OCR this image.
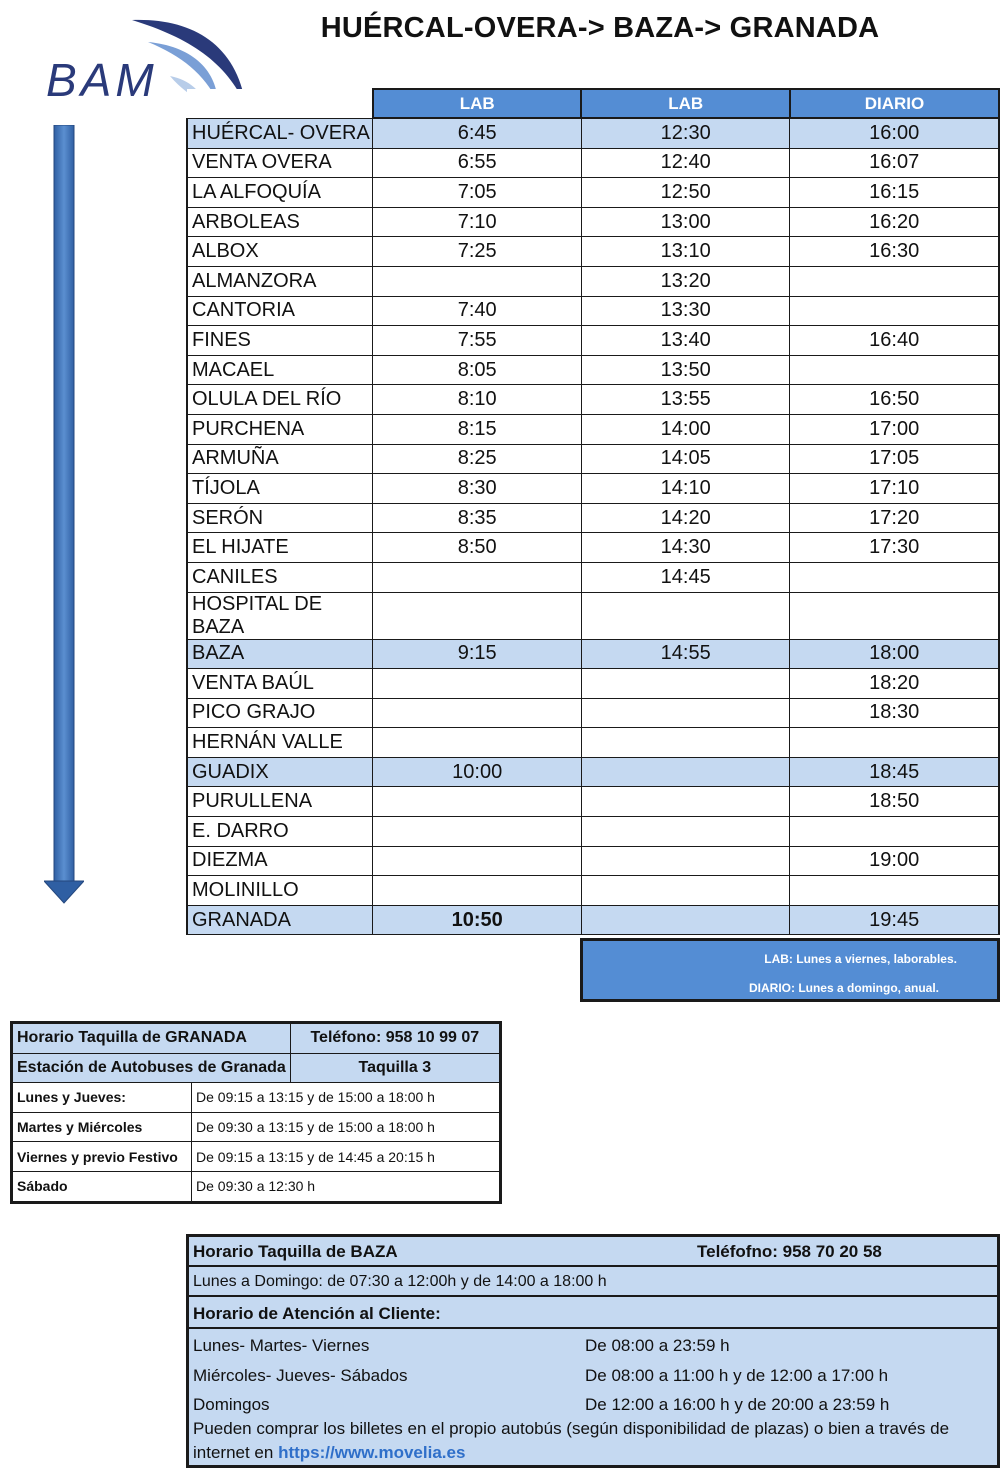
BAM
HUÉRCAL-OVERA-> BAZA-> GRANADA
	LAB	LAB	DIARIO
HUÉRCAL- OVERA	6:45	12:30	16:00
VENTA OVERA	6:55	12:40	16:07
LA ALFOQUÍA	7:05	12:50	16:15
ARBOLEAS	7:10	13:00	16:20
ALBOX	7:25	13:10	16:30
ALMANZORA		13:20	
CANTORIA	7:40	13:30	
FINES	7:55	13:40	16:40
MACAEL	8:05	13:50	
OLULA DEL RÍO	8:10	13:55	16:50
PURCHENA	8:15	14:00	17:00
ARMUÑA	8:25	14:05	17:05
TÍJOLA	8:30	14:10	17:10
SERÓN	8:35	14:20	17:20
EL HIJATE	8:50	14:30	17:30
CANILES		14:45	
HOSPITAL DE BAZA			
BAZA	9:15	14:55	18:00
VENTA BAÚL			18:20
PICO GRAJO			18:30
HERNÁN VALLE			
GUADIX	10:00		18:45
PURULLENA			18:50
E. DARRO			
DIEZMA			19:00
MOLINILLO			
GRANADA	10:50		19:45
LAB: Lunes a viernes, laborables.
DIARIO: Lunes a domingo, anual.
Horario Taquilla de GRANADA		Teléfono: 958 10 99 07
Estación de Autobuses de Granada		Taquilla 3
Lunes y Jueves:	De 09:15 a 13:15 y de 15:00 a 18:00 h	
Martes y Miércoles	De 09:30 a 13:15 y de 15:00 a 18:00 h	
Viernes y previo Festivo	De 09:15 a 13:15 y de 14:45 a 20:15 h	
Sábado	De 09:30 a 12:30 h	
Horario Taquilla de BAZA	Teléfofno: 958 70 20 58
Lunes a Domingo: de 07:30 a 12:00h y de 14:00 a 18:00 h
Horario de Atención al Cliente:
Lunes- Martes- Viernes	De 08:00 a 23:59 h
Miércoles- Jueves- Sábados	De 08:00 a 11:00 h y de 12:00 a 17:00 h
Domingos	De 12:00 a 16:00 h y de 20:00 a 23:59 h
Pueden comprar los billetes en el propio autobús (según disponibilidad de plazas) o bien a través de
internet en https://www.movelia.es
